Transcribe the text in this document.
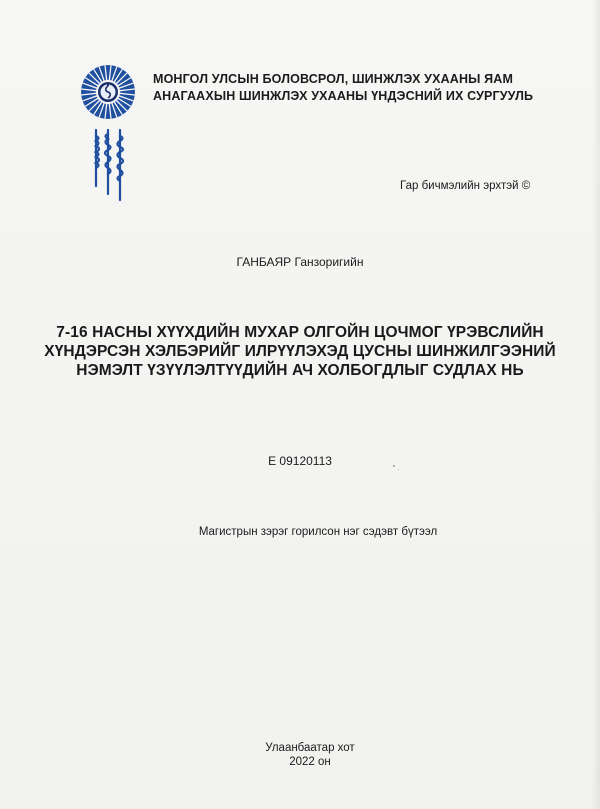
МОНГОЛ УЛСЫН БОЛОВСРОЛ, ШИНЖЛЭХ УХААНЫ ЯАМ
АНАГААХЫН ШИНЖЛЭХ УХААНЫ ҮНДЭСНИЙ ИХ СУРГУУЛЬ
Гар бичмэлийн эрхтэй ©
ГАНБАЯР Ганзоригийн
7-16 НАСНЫ ХҮҮХДИЙН МУХАР ОЛГОЙН ЦОЧМОГ ҮРЭВСЛИЙН
ХҮНДЭРСЭН ХЭЛБЭРИЙГ ИЛРҮҮЛЭХЭД ЦУСНЫ ШИНЖИЛГЭЭНИЙ
НЭМЭЛТ ҮЗҮҮЛЭЛТҮҮДИЙН АЧ ХОЛБОГДЛЫГ СУДЛАХ НЬ
E 09120113
Магистрын зэрэг горилсон нэг сэдэвт бүтээл
Улаанбаатар хот
2022 он
